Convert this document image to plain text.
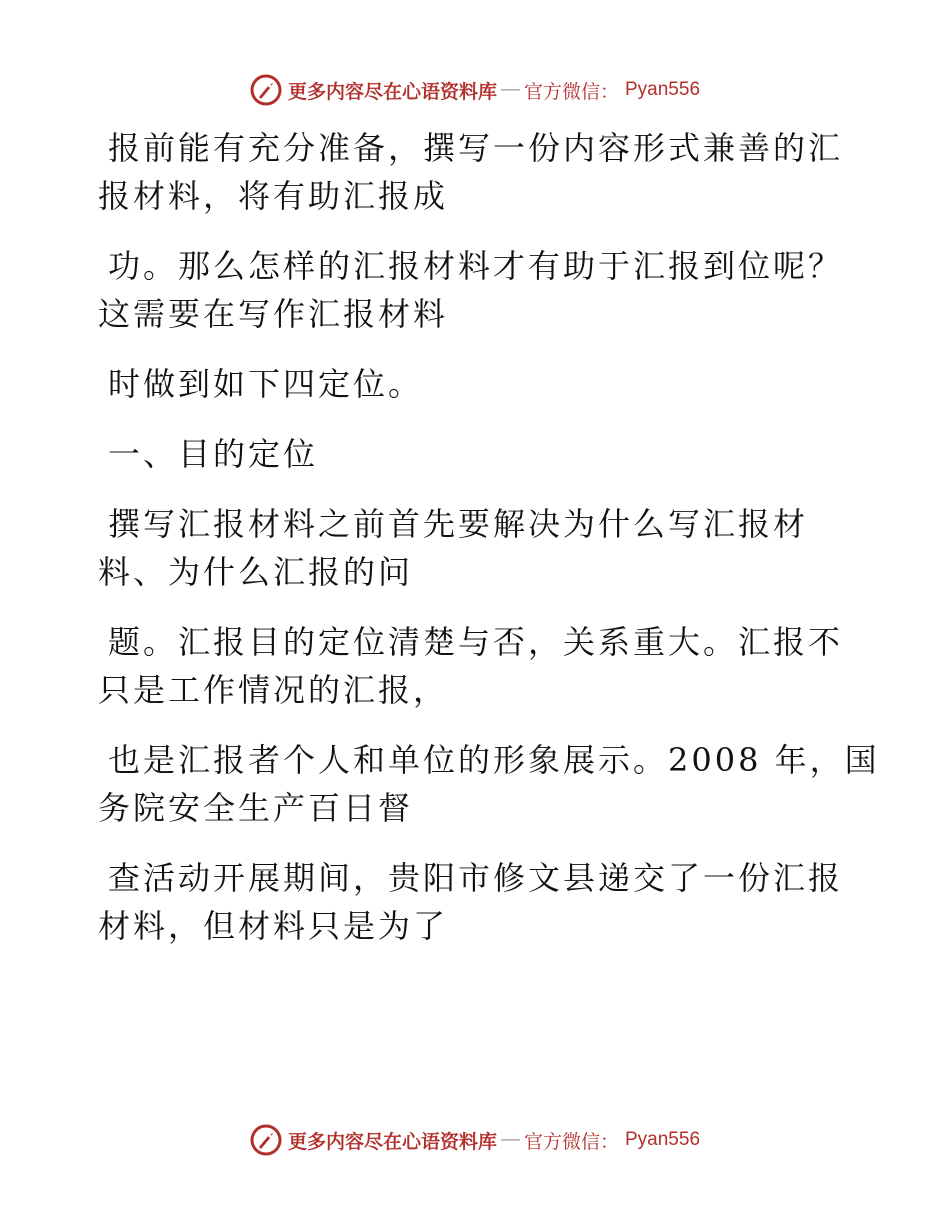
更多内容尽在心语资料库 — 官方微信： Pyan556
报前能有充分准备，撰写一份内容形式兼善的汇
报材料，将有助汇报成
功。那么怎样的汇报材料才有助于汇报到位呢？
这需要在写作汇报材料
时做到如下四定位。
一、目的定位
撰写汇报材料之前首先要解决为什么写汇报材
料、为什么汇报的问
题。汇报目的定位清楚与否，关系重大。汇报不
只是工作情况的汇报，
也是汇报者个人和单位的形象展示。2008 年，国
务院安全生产百日督
查活动开展期间，贵阳市修文县递交了一份汇报
材料，但材料只是为了
更多内容尽在心语资料库 — 官方微信： Pyan556
